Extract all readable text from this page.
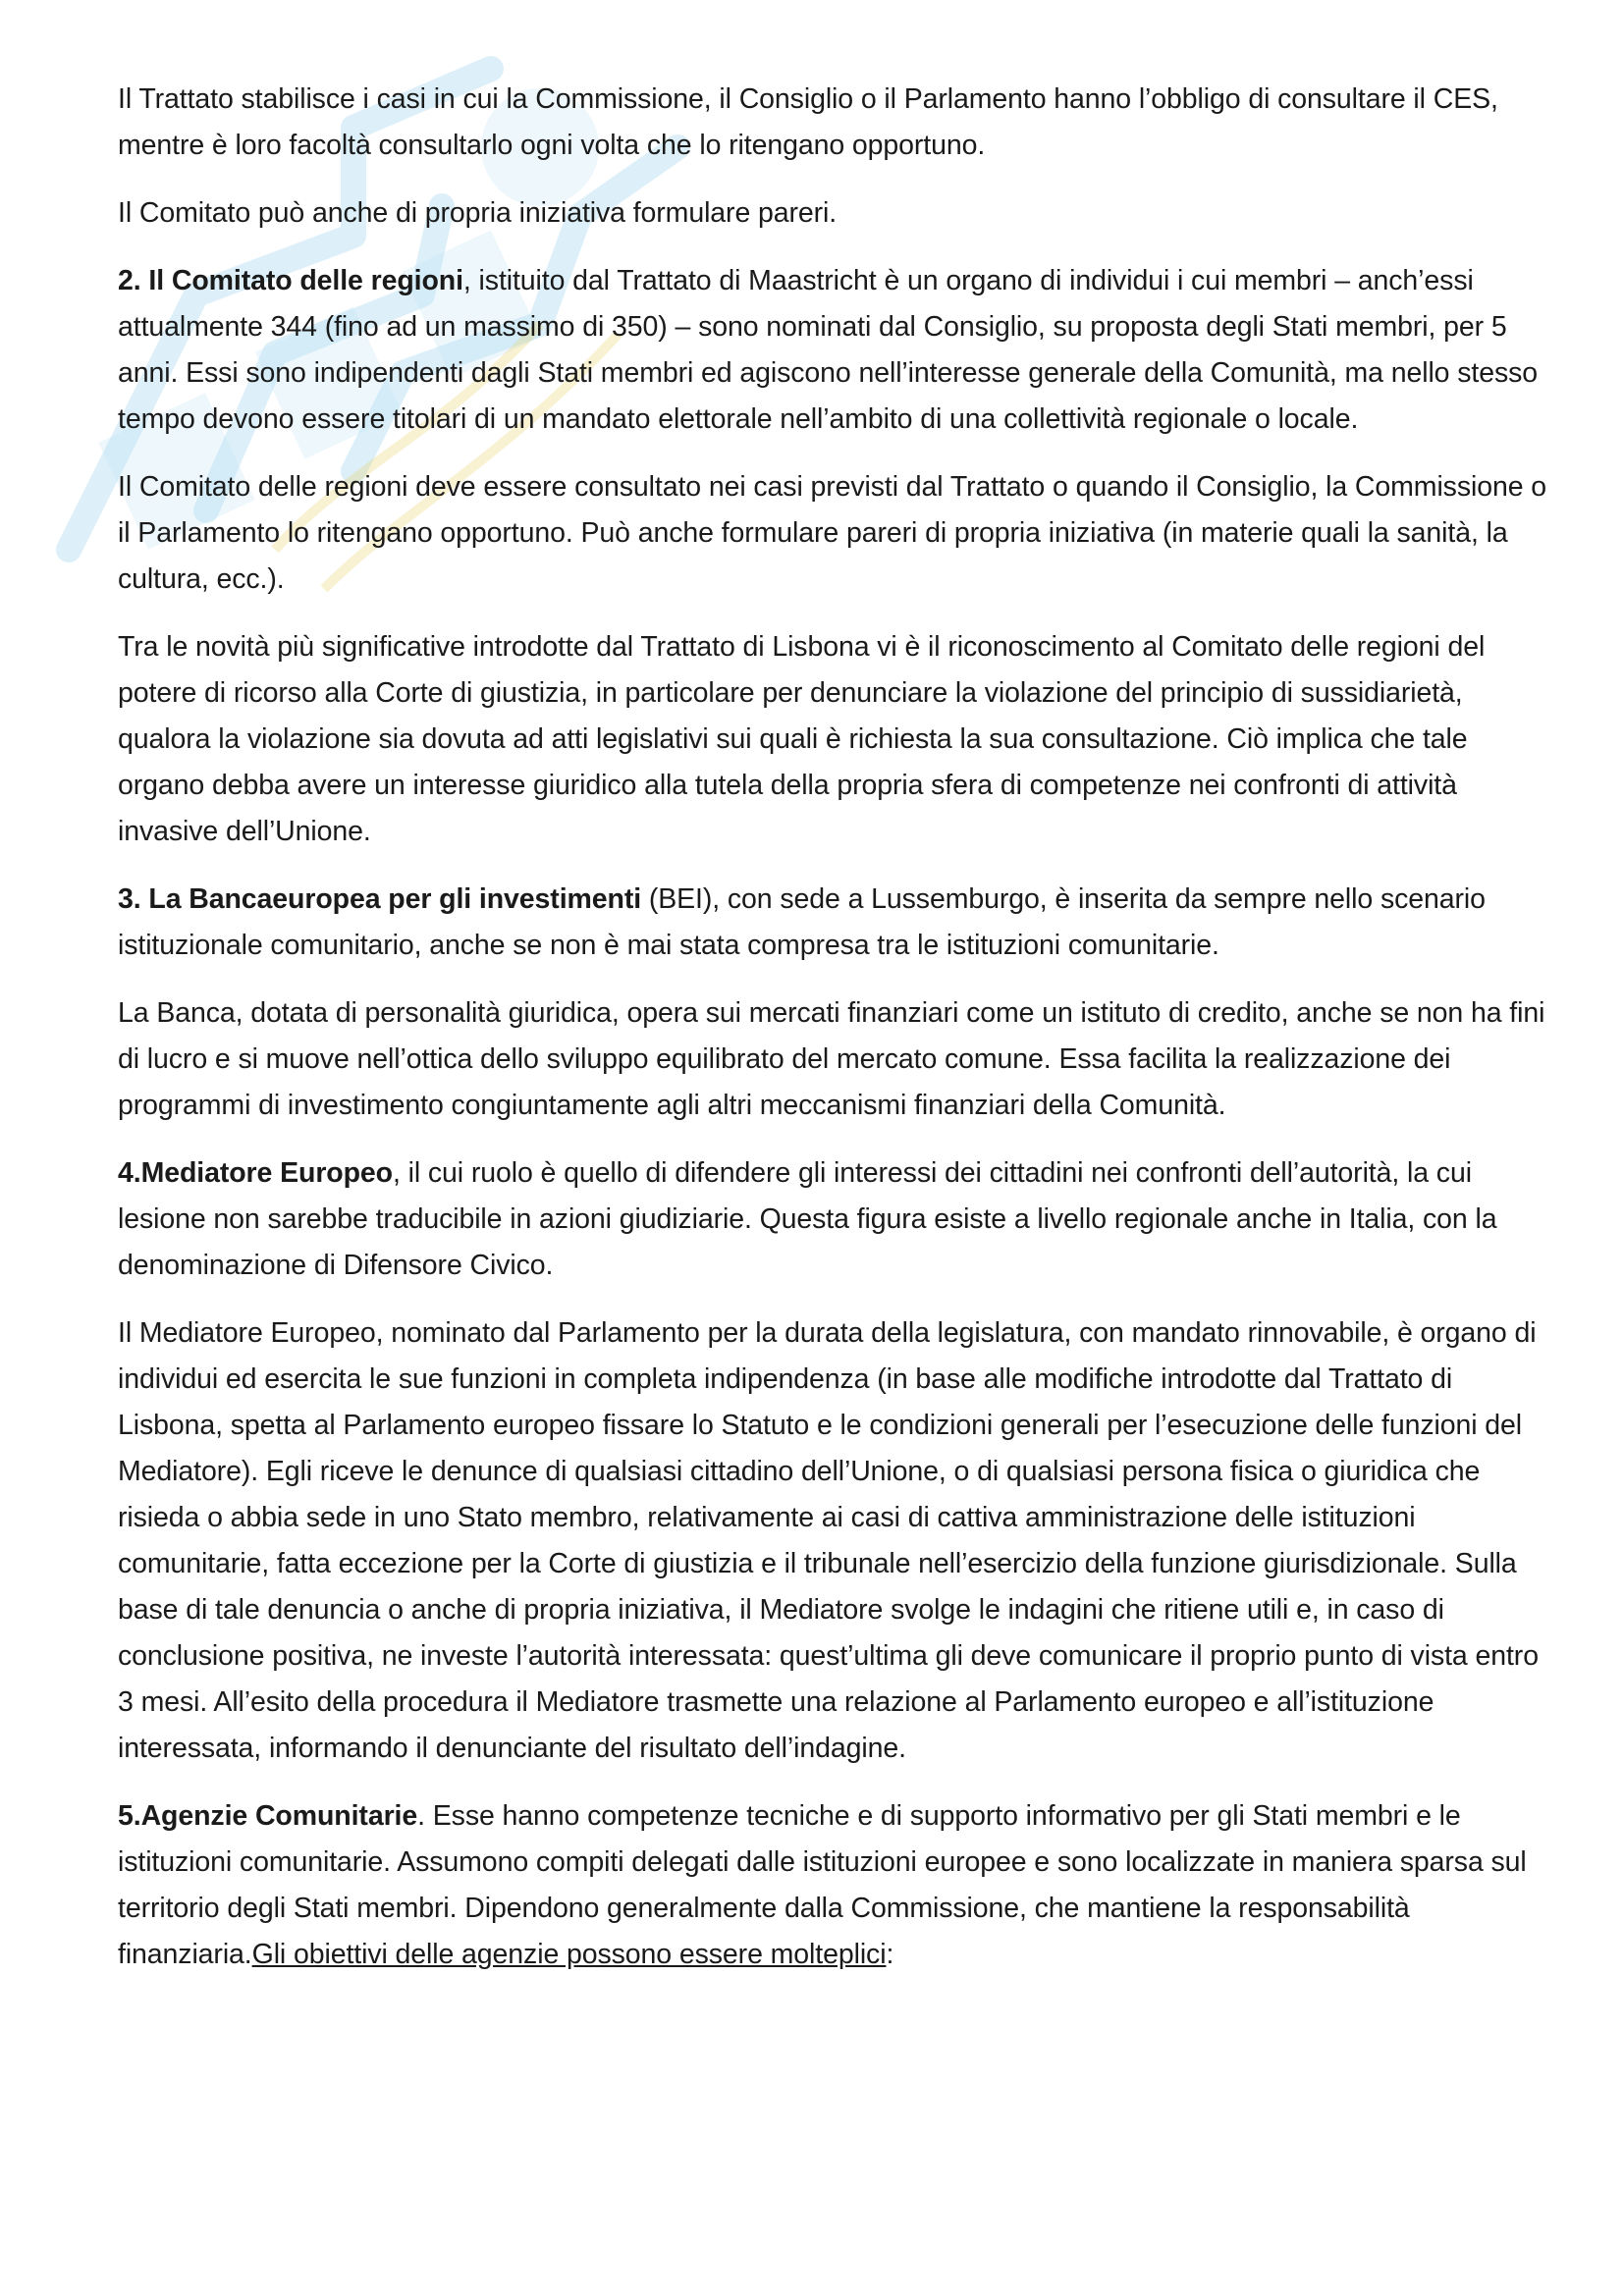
Il Trattato stabilisce i casi in cui la Commissione, il Consiglio o il Parlamento hanno l’obbligo di consultare il CES, mentre è loro facoltà consultarlo ogni volta che lo ritengano opportuno.

Il Comitato può anche di propria iniziativa formulare pareri.

2. Il Comitato delle regioni, istituito dal Trattato di Maastricht è un organo di individui i cui membri – anch’essi attualmente 344 (fino ad un massimo di 350) – sono nominati dal Consiglio, su proposta degli Stati membri, per 5 anni. Essi sono indipendenti dagli Stati membri ed agiscono nell’interesse generale della Comunità, ma nello stesso tempo devono essere titolari di un mandato elettorale nell’ambito di una collettività regionale o locale.

Il Comitato delle regioni deve essere consultato nei casi previsti dal Trattato o quando il Consiglio, la Commissione o il Parlamento lo ritengano opportuno. Può anche formulare pareri di propria iniziativa (in materie quali la sanità, la cultura, ecc.).

Tra le novità più significative introdotte dal Trattato di Lisbona vi è il riconoscimento al Comitato delle regioni del potere di ricorso alla Corte di giustizia, in particolare per denunciare la violazione del principio di sussidiarietà, qualora la violazione sia dovuta ad atti legislativi sui quali è richiesta la sua consultazione. Ciò implica che tale organo debba avere un interesse giuridico alla tutela della propria sfera di competenze nei confronti di attività invasive dell’Unione.

3. La Bancaeuropea per gli investimenti (BEI), con sede a Lussemburgo, è inserita da sempre nello scenario istituzionale comunitario, anche se non è mai stata compresa tra le istituzioni comunitarie.

La Banca, dotata di personalità giuridica, opera sui mercati finanziari come un istituto di credito, anche se non ha fini di lucro e si muove nell’ottica dello sviluppo equilibrato del mercato comune. Essa facilita la realizzazione dei programmi di investimento congiuntamente agli altri meccanismi finanziari della Comunità.

4.Mediatore Europeo, il cui ruolo è quello di difendere gli interessi dei cittadini nei confronti dell’autorità, la cui lesione non sarebbe traducibile in azioni giudiziarie. Questa figura esiste a livello regionale anche in Italia, con la denominazione di Difensore Civico.

Il Mediatore Europeo, nominato dal Parlamento per la durata della legislatura, con mandato rinnovabile, è organo di individui ed esercita le sue funzioni in completa indipendenza (in base alle modifiche introdotte dal Trattato di Lisbona, spetta al Parlamento europeo fissare lo Statuto e le condizioni generali per l’esecuzione delle funzioni del Mediatore). Egli riceve le denunce di qualsiasi cittadino dell’Unione, o di qualsiasi persona fisica o giuridica che risieda o abbia sede in uno Stato membro, relativamente ai casi di cattiva amministrazione delle istituzioni comunitarie, fatta eccezione per la Corte di giustizia e il tribunale nell’esercizio della funzione giurisdizionale. Sulla base di tale denuncia o anche di propria iniziativa, il Mediatore svolge le indagini che ritiene utili e, in caso di conclusione positiva, ne investe l’autorità interessata: quest’ultima gli deve comunicare il proprio punto di vista entro 3 mesi. All’esito della procedura il Mediatore trasmette una relazione al Parlamento europeo e all’istituzione interessata, informando il denunciante del risultato dell’indagine.

5.Agenzie Comunitarie. Esse hanno competenze tecniche e di supporto informativo per gli Stati membri e le istituzioni comunitarie. Assumono compiti delegati dalle istituzioni europee e sono localizzate in maniera sparsa sul territorio degli Stati membri. Dipendono generalmente dalla Commissione, che mantiene la responsabilità finanziaria.Gli obiettivi delle agenzie possono essere molteplici:
